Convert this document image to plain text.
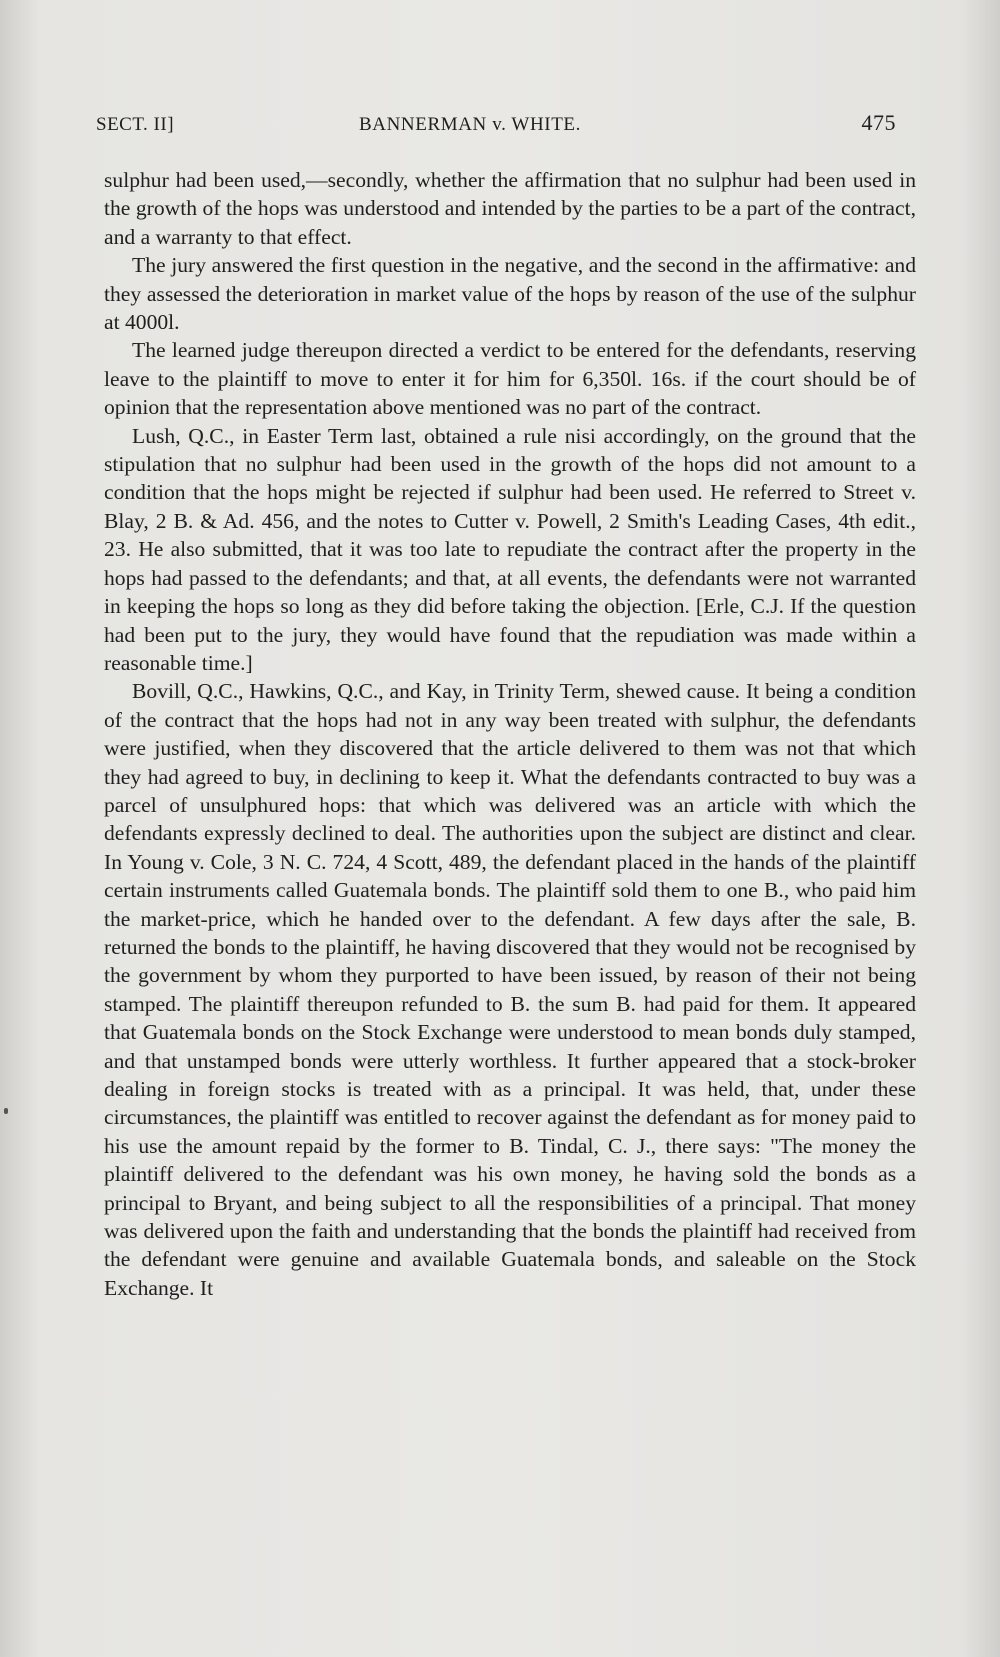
SECT. II]	BANNERMAN v. WHITE.	475

sulphur had been used,—secondly, whether the affirmation that no sulphur had been used in the growth of the hops was understood and intended by the parties to be a part of the contract, and a warranty to that effect.

The jury answered the first question in the negative, and the second in the affirmative: and they assessed the deterioration in market value of the hops by reason of the use of the sulphur at 4000l.

The learned judge thereupon directed a verdict to be entered for the defendants, reserving leave to the plaintiff to move to enter it for him for 6,350l. 16s. if the court should be of opinion that the representation above mentioned was no part of the contract.

Lush, Q.C., in Easter Term last, obtained a rule nisi accordingly, on the ground that the stipulation that no sulphur had been used in the growth of the hops did not amount to a condition that the hops might be rejected if sulphur had been used. He referred to Street v. Blay, 2 B. & Ad. 456, and the notes to Cutter v. Powell, 2 Smith's Leading Cases, 4th edit., 23. He also submitted, that it was too late to repudiate the contract after the property in the hops had passed to the defendants; and that, at all events, the defendants were not warranted in keeping the hops so long as they did before taking the objection. [Erle, C.J. If the question had been put to the jury, they would have found that the repudiation was made within a reasonable time.]

Bovill, Q.C., Hawkins, Q.C., and Kay, in Trinity Term, shewed cause. It being a condition of the contract that the hops had not in any way been treated with sulphur, the defendants were justified, when they discovered that the article delivered to them was not that which they had agreed to buy, in declining to keep it. What the defendants contracted to buy was a parcel of unsulphured hops: that which was delivered was an article with which the defendants expressly declined to deal. The authorities upon the subject are distinct and clear. In Young v. Cole, 3 N. C. 724, 4 Scott, 489, the defendant placed in the hands of the plaintiff certain instruments called Guatemala bonds. The plaintiff sold them to one B., who paid him the market-price, which he handed over to the defendant. A few days after the sale, B. returned the bonds to the plaintiff, he having discovered that they would not be recognised by the government by whom they purported to have been issued, by reason of their not being stamped. The plaintiff thereupon refunded to B. the sum B. had paid for them. It appeared that Guatemala bonds on the Stock Exchange were understood to mean bonds duly stamped, and that unstamped bonds were utterly worthless. It further appeared that a stock-broker dealing in foreign stocks is treated with as a principal. It was held, that, under these circumstances, the plaintiff was entitled to recover against the defendant as for money paid to his use the amount repaid by the former to B. Tindal, C. J., there says: "The money the plaintiff delivered to the defendant was his own money, he having sold the bonds as a principal to Bryant, and being subject to all the responsibilities of a principal. That money was delivered upon the faith and understanding that the bonds the plaintiff had received from the defendant were genuine and available Guatemala bonds, and saleable on the Stock Exchange. It
